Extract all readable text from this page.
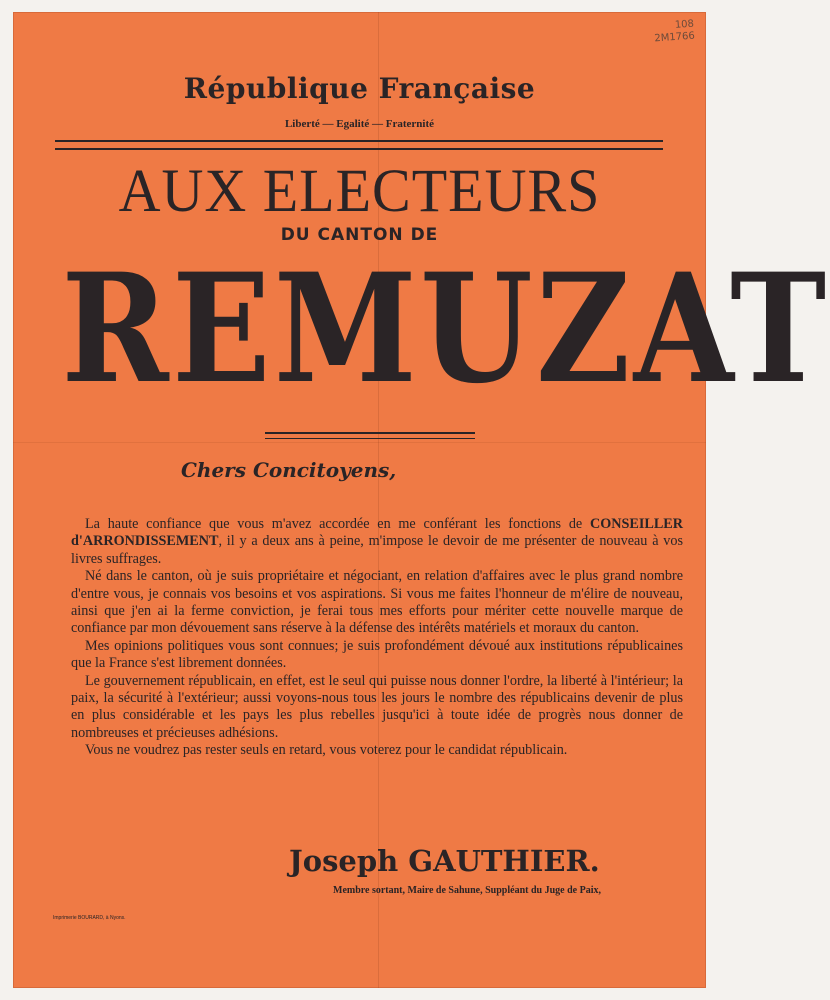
108
2M1766
République Française
Liberté — Egalité — Fraternité
AUX ELECTEURS
DU CANTON DE
REMUZAT
Chers Concitoyens,

La haute confiance que vous m'avez accordée en me conférant les fonctions de CONSEILLER d'ARRONDISSEMENT, il y a deux ans à peine, m'impose le devoir de me présenter de nouveau à vos livres suffrages.

Né dans le canton, où je suis propriétaire et négociant, en relation d'affaires avec le plus grand nombre d'entre vous, je connais vos besoins et vos aspirations. Si vous me faites l'honneur de m'élire de nouveau, ainsi que j'en ai la ferme conviction, je ferai tous mes efforts pour mériter cette nouvelle marque de confiance par mon dévouement sans réserve à la défense des intérêts matériels et moraux du canton.

Mes opinions politiques vous sont connues; je suis profondément dévoué aux institutions républicaines que la France s'est librement données.

Le gouvernement républicain, en effet, est le seul qui puisse nous donner l'ordre, la liberté à l'intérieur; la paix, la sécurité à l'extérieur; aussi voyons-nous tous les jours le nombre des républicains devenir de plus en plus considérable et les pays les plus rebelles jusqu'ici à toute idée de progrès nous donner de nombreuses et précieuses adhésions.

Vous ne voudrez pas rester seuls en retard, vous voterez pour le candidat républicain.

Joseph GAUTHIER.
Membre sortant, Maire de Sahune, Suppléant du Juge de Paix,
Imprimerie BOURARD, à Nyons.
